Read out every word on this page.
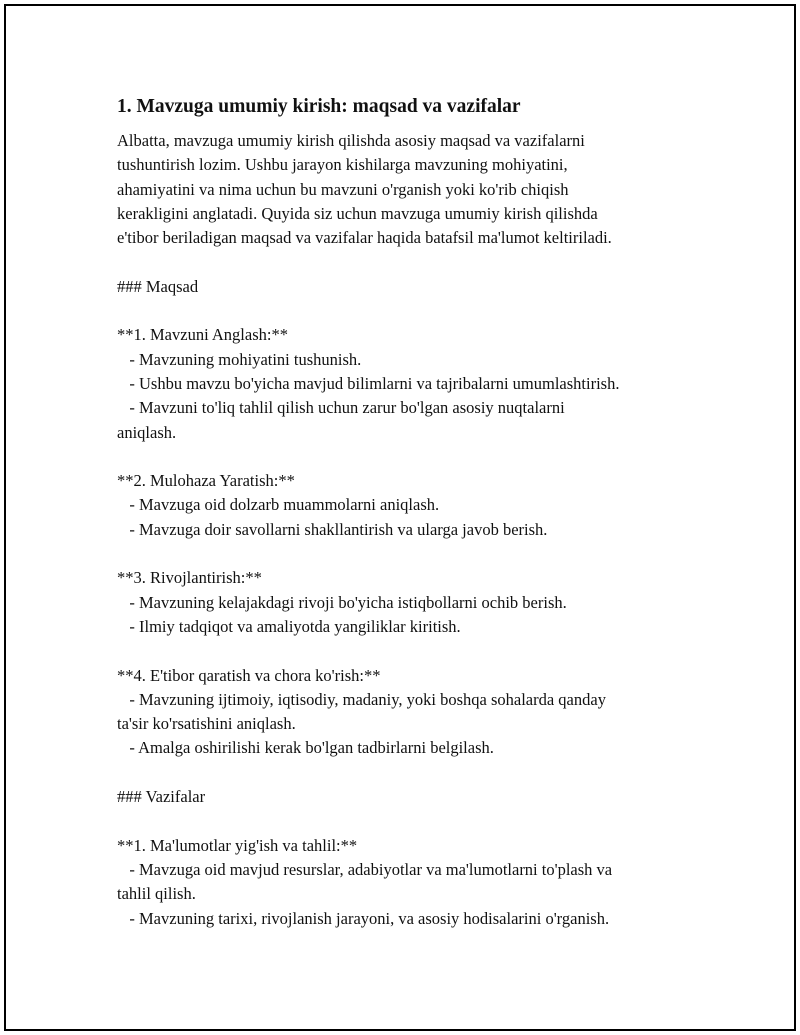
1. Mavzuga umumiy kirish: maqsad va vazifalar
Albatta, mavzuga umumiy kirish qilishda asosiy maqsad va vazifalarni
tushuntirish lozim. Ushbu jarayon kishilarga mavzuning mohiyatini,
ahamiyatini va nima uchun bu mavzuni o'rganish yoki ko'rib chiqish
kerakligini anglatadi. Quyida siz uchun mavzuga umumiy kirish qilishda
e'tibor beriladigan maqsad va vazifalar haqida batafsil ma'lumot keltiriladi.
### Maqsad
**1. Mavzuni Anglash:**
- Mavzuning mohiyatini tushunish.
- Ushbu mavzu bo'yicha mavjud bilimlarni va tajribalarni umumlashtirish.
- Mavzuni to'liq tahlil qilish uchun zarur bo'lgan asosiy nuqtalarni
aniqlash.
**2. Mulohaza Yaratish:**
- Mavzuga oid dolzarb muammolarni aniqlash.
- Mavzuga doir savollarni shakllantirish va ularga javob berish.
**3. Rivojlantirish:**
- Mavzuning kelajakdagi rivoji bo'yicha istiqbollarni ochib berish.
- Ilmiy tadqiqot va amaliyotda yangiliklar kiritish.
**4. E'tibor qaratish va chora ko'rish:**
- Mavzuning ijtimoiy, iqtisodiy, madaniy, yoki boshqa sohalarda qanday
ta'sir ko'rsatishini aniqlash.
- Amalga oshirilishi kerak bo'lgan tadbirlarni belgilash.
### Vazifalar
**1. Ma'lumotlar yig'ish va tahlil:**
- Mavzuga oid mavjud resurslar, adabiyotlar va ma'lumotlarni to'plash va
tahlil qilish.
- Mavzuning tarixi, rivojlanish jarayoni, va asosiy hodisalarini o'rganish.
